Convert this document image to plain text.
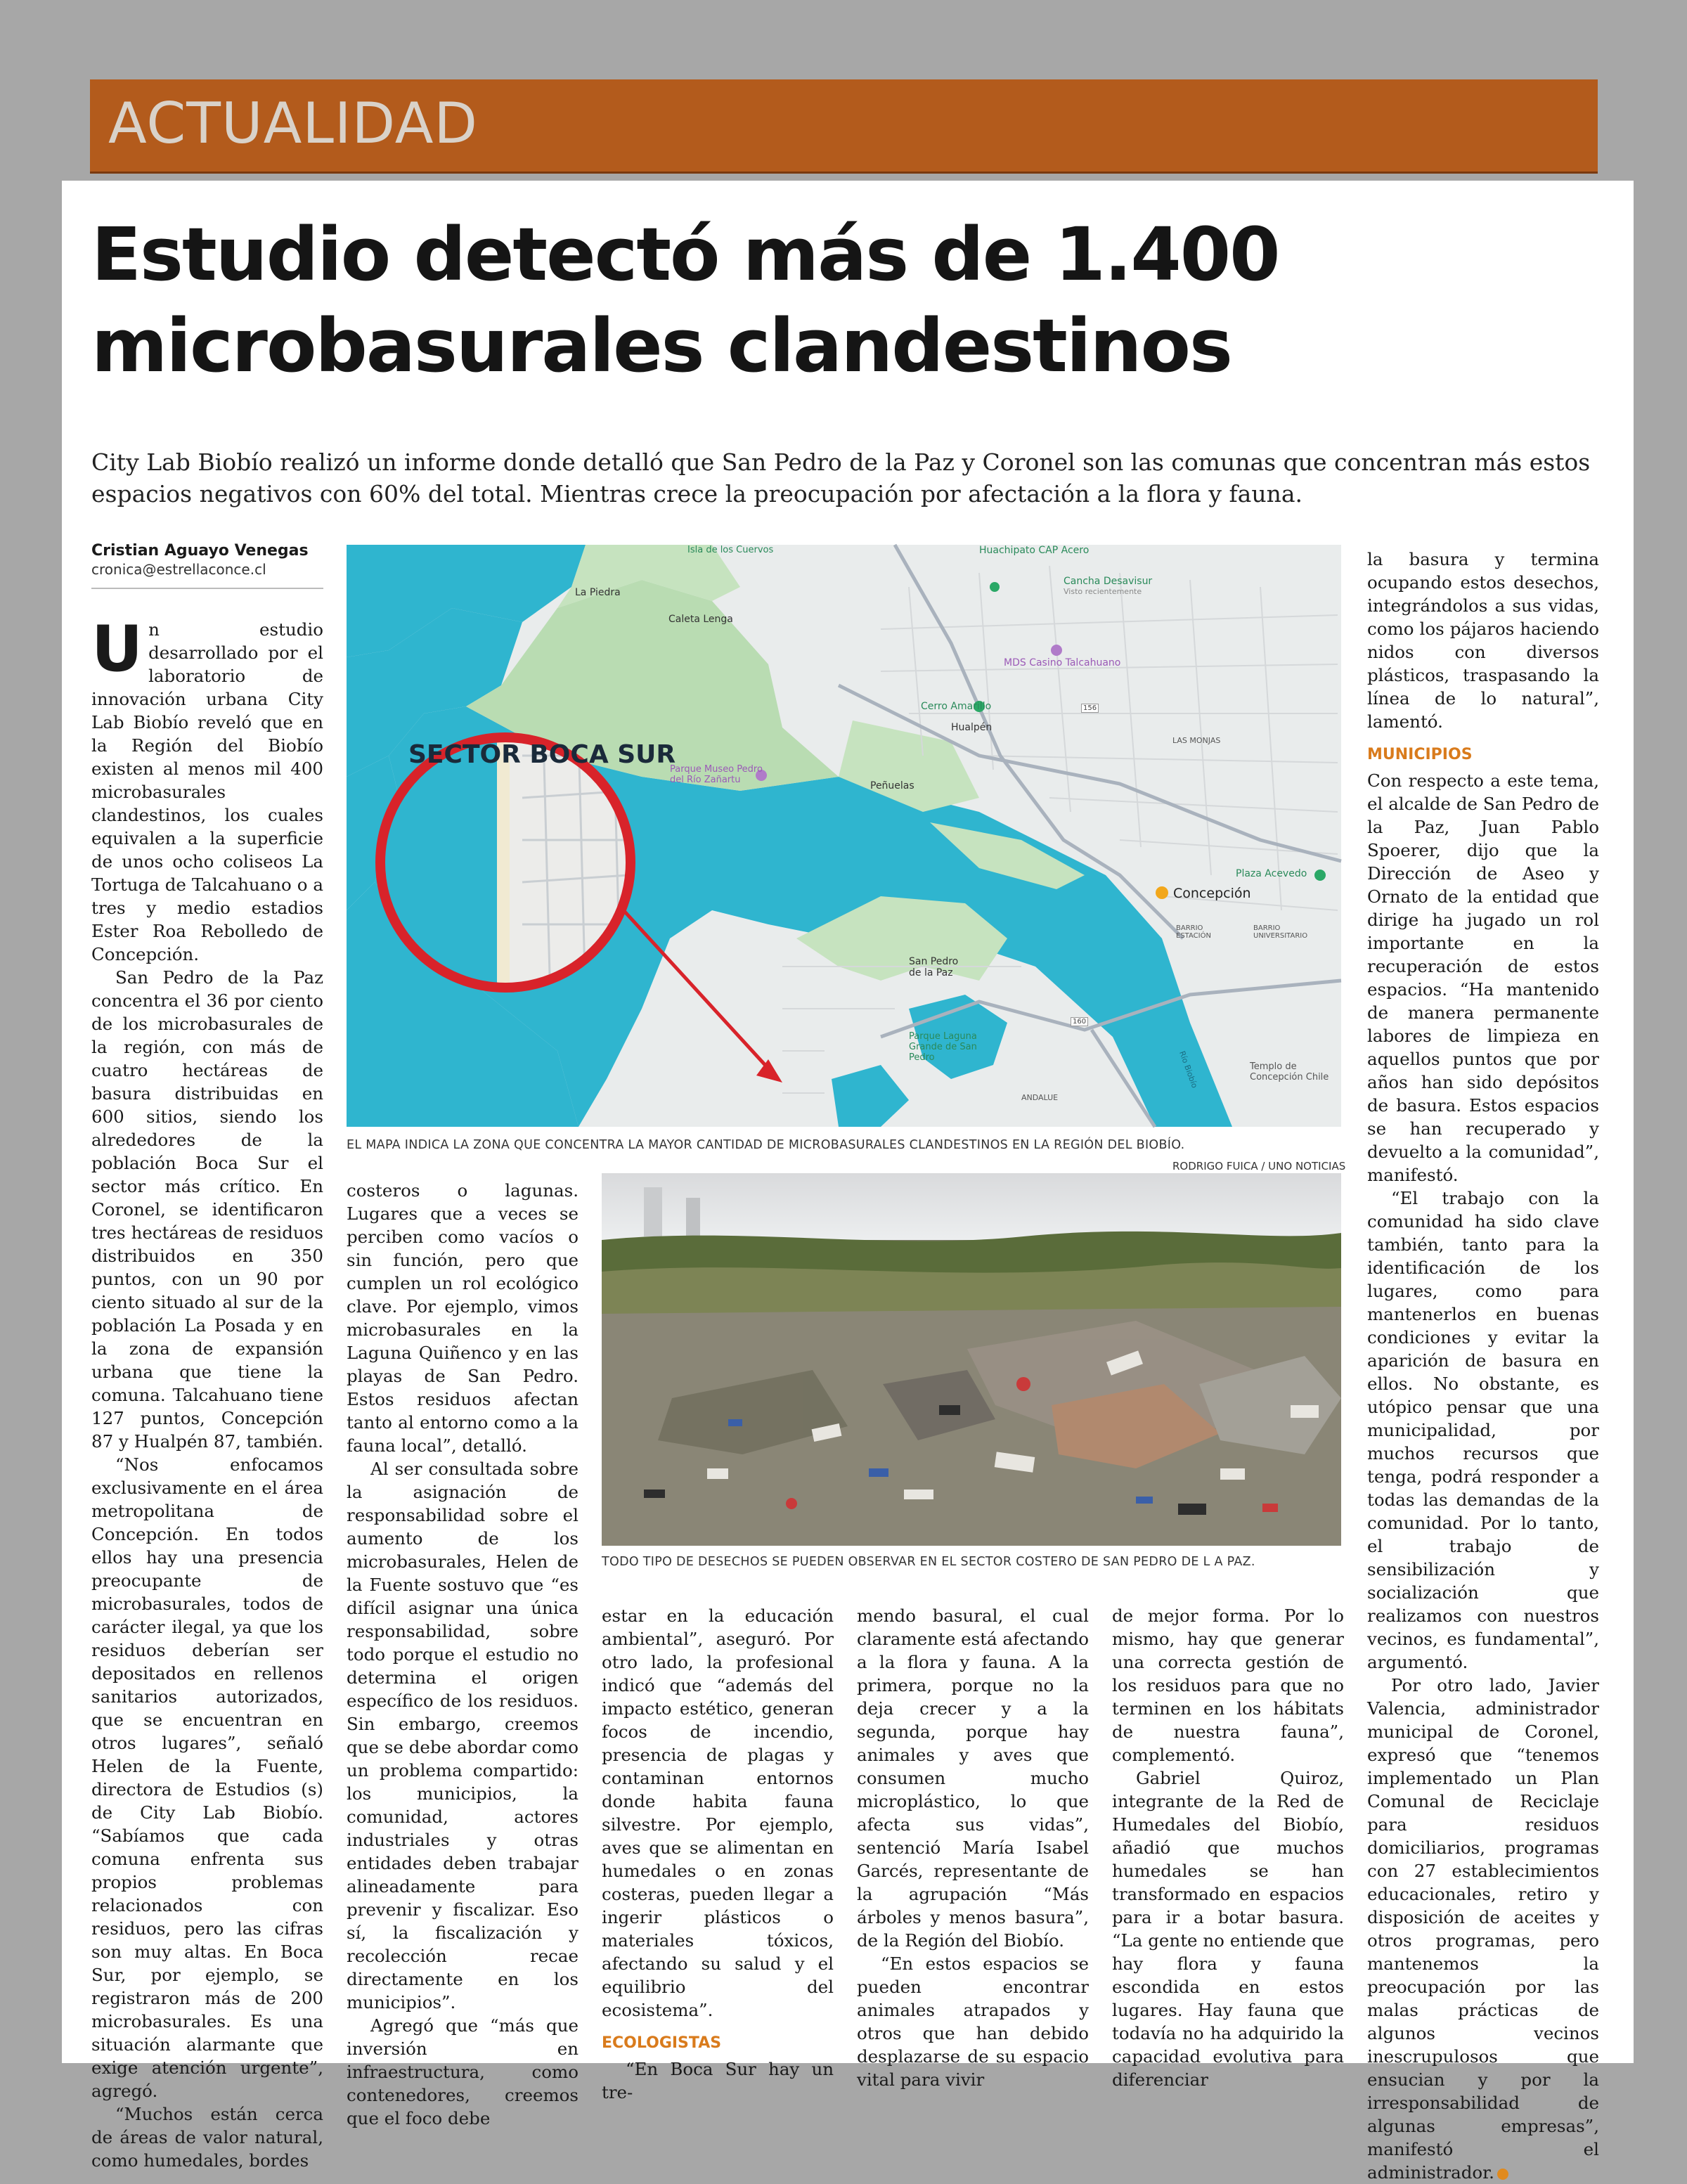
ACTUALIDAD
Estudio detectó más de 1.400 microbasurales clandestinos

City Lab Biobío realizó un informe donde detalló que San Pedro de la Paz y Coronel son las comunas que concentran más estos espacios negativos con 60% del total. Mientras crece la preocupación por afectación a la flora y fauna.

Cristian Aguayo Venegas
cronica@estrellaconce.cl
SECTOR BOCA SUR
La Piedra
Caleta Lenga
Isla de los Cuervos	Huachipato CAP Acero
Cancha Desavisur
Visto recientemente
MDS Casino Talcahuano
Cerro Amarillo
Hualpén
Parque Museo Pedro del Río Zañartu
Peñuelas
LAS MONJAS
Plaza Acevedo
Concepción
BARRIO ESTACIÓN
BARRIO UNIVERSITARIO
San Pedro de la Paz
Parque Laguna Grande de San Pedro
ANDALUE
Templo de Concepción Chile
Río Biobío
156
160
EL MAPA INDICA LA ZONA QUE CONCENTRA LA MAYOR CANTIDAD DE MICROBASURALES CLANDESTINOS EN LA REGIÓN DEL BIOBÍO.
RODRIGO FUICA / UNO NOTICIAS
TODO TIPO DE DESECHOS SE PUEDEN OBSERVAR EN EL SECTOR COSTERO DE SAN PEDRO DE L A PAZ.

Un estudio desarrollado por el laboratorio de innovación urbana City Lab Biobío reveló que en la Región del Biobío existen al menos mil 400 microbasurales clandestinos, los cuales equivalen a la superficie de unos ocho coliseos La Tortuga de Talcahuano o a tres y medio estadios Ester Roa Rebolledo de Concepción.

San Pedro de la Paz concentra el 36 por ciento de los microbasurales de la región, con más de cuatro hectáreas de basura distribuidas en 600 sitios, siendo los alrededores de la población Boca Sur el sector más crítico. En Coronel, se identificaron tres hectáreas de residuos distribuidos en 350 puntos, con un 90 por ciento situado al sur de la población La Posada y en la zona de expansión urbana que tiene la comuna. Talcahuano tiene 127 puntos, Concepción 87 y Hualpén 87, también.

“Nos enfocamos exclusivamente en el área metropolitana de Concepción. En todos ellos hay una presencia preocupante de microbasurales, todos de carácter ilegal, ya que los residuos deberían ser depositados en rellenos sanitarios autorizados, que se encuentran en otros lugares”, señaló Helen de la Fuente, directora de Estudios (s) de City Lab Biobío. “Sabíamos que cada comuna enfrenta sus propios problemas relacionados con residuos, pero las cifras son muy altas. En Boca Sur, por ejemplo, se registraron más de 200 microbasurales. Es una situación alarmante que exige atención urgente”, agregó.

“Muchos están cerca de áreas de valor natural, como humedales, bordes

costeros o lagunas. Lugares que a veces se perciben como vacíos o sin función, pero que cumplen un rol ecológico clave. Por ejemplo, vimos microbasurales en la Laguna Quiñenco y en las playas de San Pedro. Estos residuos afectan tanto al entorno como a la fauna local”, detalló.

Al ser consultada sobre la asignación de responsabilidad sobre el aumento de los microbasurales, Helen de la Fuente sostuvo que “es difícil asignar una única responsabilidad, sobre todo porque el estudio no determina el origen específico de los residuos. Sin embargo, creemos que se debe abordar como un problema compartido: los municipios, la comunidad, actores industriales y otras entidades deben trabajar alineadamente para prevenir y fiscalizar. Eso sí, la fiscalización y recolección recae directamente en los municipios”.

Agregó que “más que inversión en infraestructura, como contenedores, creemos que el foco debe

estar en la educación ambiental”, aseguró. Por otro lado, la profesional indicó que “además del impacto estético, generan focos de incendio, presencia de plagas y contaminan entornos donde habita fauna silvestre. Por ejemplo, aves que se alimentan en humedales o en zonas costeras, pueden llegar a ingerir plásticos o materiales tóxicos, afectando su salud y el equilibrio del ecosistema”.

ECOLOGISTAS

“En Boca Sur hay un tre-

mendo basural, el cual claramente está afectando a la flora y fauna. A la primera, porque no la deja crecer y a la segunda, porque hay animales y aves que consumen mucho microplástico, lo que afecta sus vidas”, sentenció María Isabel Garcés, representante de la agrupación “Más árboles y menos basura”, de la Región del Biobío.

“En estos espacios se pueden encontrar animales atrapados y otros que han debido desplazarse de su espacio vital para vivir

de mejor forma. Por lo mismo, hay que generar una correcta gestión de los residuos para que no terminen en los hábitats de nuestra fauna”, complementó.

Gabriel Quiroz, integrante de la Red de Humedales del Biobío, añadió que muchos humedales se han transformado en espacios para ir a botar basura. “La gente no entiende que hay flora y fauna escondida en estos lugares. Hay fauna que todavía no ha adquirido la capacidad evolutiva para diferenciar

la basura y termina ocupando estos desechos, integrándolos a sus vidas, como los pájaros haciendo nidos con diversos plásticos, traspasando la línea de lo natural”, lamentó.

MUNICIPIOS

Con respecto a este tema, el alcalde de San Pedro de la Paz, Juan Pablo Spoerer, dijo que la Dirección de Aseo y Ornato de la entidad que dirige ha jugado un rol importante en la recuperación de estos espacios. “Ha mantenido de manera permanente labores de limpieza en aquellos puntos que por años han sido depósitos de basura. Estos espacios se han recuperado y devuelto a la comunidad”, manifestó.

“El trabajo con la comunidad ha sido clave también, tanto para la identificación de los lugares, como para mantenerlos en buenas condiciones y evitar la aparición de basura en ellos. No obstante, es utópico pensar que una municipalidad, por muchos recursos que tenga, podrá responder a todas las demandas de la comunidad. Por lo tanto, el trabajo de sensibilización y socialización que realizamos con nuestros vecinos, es fundamental”, argumentó.

Por otro lado, Javier Valencia, administrador municipal de Coronel, expresó que “tenemos implementado un Plan Comunal de Reciclaje para residuos domiciliarios, programas con 27 establecimientos educacionales, retiro y disposición de aceites y otros programas, pero mantenemos la preocupación por las malas prácticas de algunos vecinos inescrupulosos que ensucian y por la irresponsabilidad de algunas empresas”, manifestó el administrador.
